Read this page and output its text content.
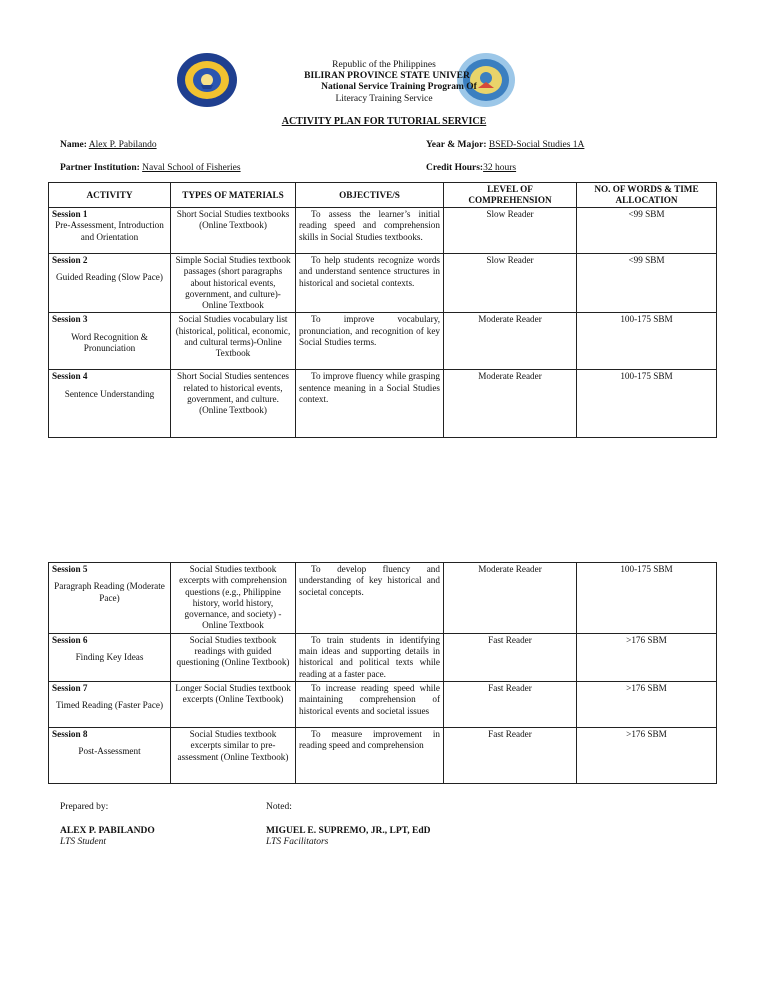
Republic of the Philippines
BILIRAN PROVINCE STATE UNIVER
National Service Training Program Of
Literacy Training Service
ACTIVITY PLAN FOR TUTORIAL SERVICE
Name: Alex P. Pabilando	Year & Major: BSED-Social Studies 1A
Partner Institution: Naval School of Fisheries	Credit Hours:32 hours
ACTIVITY	TYPES OF MATERIALS	OBJECTIVE/S	LEVEL OF COMPREHENSION	NO. OF WORDS & TIME ALLOCATION

Session 1
Pre-Assessment, Introduction and Orientation	Short Social Studies textbooks (Online Textbook)	To assess the learner’s initial reading speed and comprehension skills in Social Studies textbooks.	Slow Reader	<99 SBM

Session 2
Guided Reading (Slow Pace)	Simple Social Studies textbook passages (short paragraphs about historical events, government, and culture)-Online Textbook	To help students recognize words and understand sentence structures in historical and societal contexts.	Slow Reader	<99 SBM

Session 3
Word Recognition & Pronunciation	Social Studies vocabulary list (historical, political, economic, and cultural terms)-Online Textbook	To improve vocabulary, pronunciation, and recognition of key Social Studies terms.	Moderate Reader	100-175 SBM

Session 4
Sentence Understanding	Short Social Studies sentences related to historical events, government, and culture. (Online Textbook)	To improve fluency while grasping sentence meaning in a Social Studies context.	Moderate Reader	100-175 SBM
Session 5
Paragraph Reading (Moderate Pace)	Social Studies textbook excerpts with comprehension questions (e.g., Philippine history, world history, governance, and society) -Online Textbook	To develop fluency and understanding of key historical and societal concepts.	Moderate Reader	100-175 SBM

Session 6
Finding Key Ideas	Social Studies textbook readings with guided questioning (Online Textbook)	To train students in identifying main ideas and supporting details in historical and political texts while reading at a faster pace.	Fast Reader	>176 SBM

Session 7
Timed Reading (Faster Pace)	Longer Social Studies textbook excerpts (Online Textbook)	To increase reading speed while maintaining comprehension of historical events and societal issues	Fast Reader	>176 SBM

Session 8
Post-Assessment	Social Studies textbook excerpts similar to pre-assessment (Online Textbook)	To measure improvement in reading speed and comprehension	Fast Reader	>176 SBM
Prepared by:
ALEX P. PABILANDO
LTS Student
Noted:
MIGUEL E. SUPREMO, JR., LPT, EdD
LTS Facilitators
